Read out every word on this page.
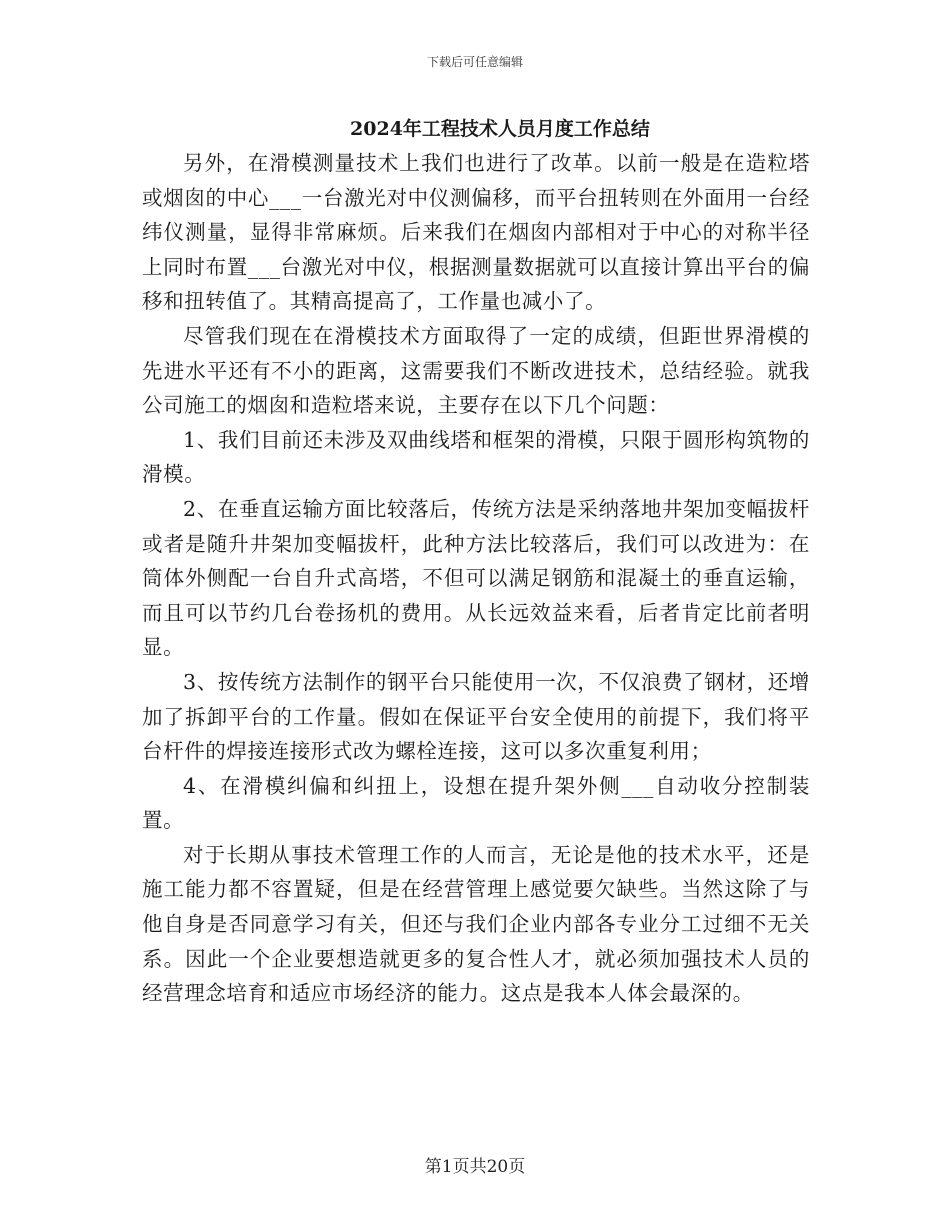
下载后可任意编辑
2024年工程技术人员月度工作总结

另外，在滑模测量技术上我们也进行了改革。以前一般是在造粒塔或烟囱的中心___一台激光对中仪测偏移，而平台扭转则在外面用一台经纬仪测量，显得非常麻烦。后来我们在烟囱内部相对于中心的对称半径上同时布置___台激光对中仪，根据测量数据就可以直接计算出平台的偏移和扭转值了。其精高提高了，工作量也减小了。

尽管我们现在在滑模技术方面取得了一定的成绩，但距世界滑模的先进水平还有不小的距离，这需要我们不断改进技术，总结经验。就我公司施工的烟囱和造粒塔来说，主要存在以下几个问题：

1、我们目前还未涉及双曲线塔和框架的滑模，只限于圆形构筑物的滑模。

2、在垂直运输方面比较落后，传统方法是采纳落地井架加变幅拔杆或者是随升井架加变幅拔杆，此种方法比较落后，我们可以改进为：在筒体外侧配一台自升式高塔，不但可以满足钢筋和混凝土的垂直运输，而且可以节约几台卷扬机的费用。从长远效益来看，后者肯定比前者明显。

3、按传统方法制作的钢平台只能使用一次，不仅浪费了钢材，还增加了拆卸平台的工作量。假如在保证平台安全使用的前提下，我们将平台杆件的焊接连接形式改为螺栓连接，这可以多次重复利用；

4、在滑模纠偏和纠扭上，设想在提升架外侧___自动收分控制装置。

对于长期从事技术管理工作的人而言，无论是他的技术水平，还是施工能力都不容置疑，但是在经营管理上感觉要欠缺些。当然这除了与他自身是否同意学习有关，但还与我们企业内部各专业分工过细不无关系。因此一个企业要想造就更多的复合性人才，就必须加强技术人员的经营理念培育和适应市场经济的能力。这点是我本人体会最深的。

第1页共20页
